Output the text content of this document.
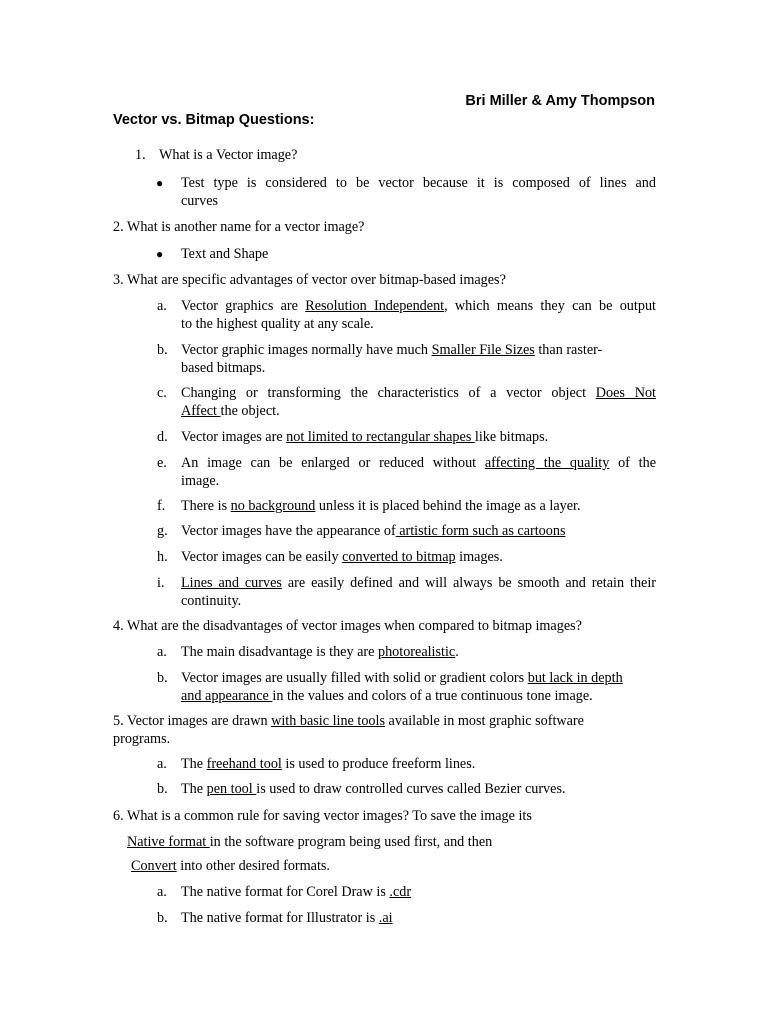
Bri Miller & Amy Thompson
Vector vs. Bitmap Questions:
1. What is a Vector image?
● Test type is considered to be vector because it is composed of lines and
curves
2. What is another name for a vector image?
● Text and Shape
3. What are specific advantages of vector over bitmap-based images?
a. Vector graphics are Resolution Independent, which means they can be output
to the highest quality at any scale.
b. Vector graphic images normally have much Smaller File Sizes than raster-
based bitmaps.
c. Changing or transforming the characteristics of a vector object Does Not
Affect the object.
d. Vector images are not limited to rectangular shapes like bitmaps.
e. An image can be enlarged or reduced without affecting the quality of the
image.
f. There is no background unless it is placed behind the image as a layer.
g. Vector images have the appearance of artistic form such as cartoons
h. Vector images can be easily converted to bitmap images.
i. Lines and curves are easily defined and will always be smooth and retain their
continuity.
4. What are the disadvantages of vector images when compared to bitmap images?
a. The main disadvantage is they are photorealistic.
b. Vector images are usually filled with solid or gradient colors but lack in depth
and appearance in the values and colors of a true continuous tone image.
5. Vector images are drawn with basic line tools available in most graphic software
programs.
a. The freehand tool is used to produce freeform lines.
b. The pen tool is used to draw controlled curves called Bezier curves.
6. What is a common rule for saving vector images? To save the image its
Native format in the software program being used first, and then
Convert into other desired formats.
a. The native format for Corel Draw is .cdr
b. The native format for Illustrator is .ai
